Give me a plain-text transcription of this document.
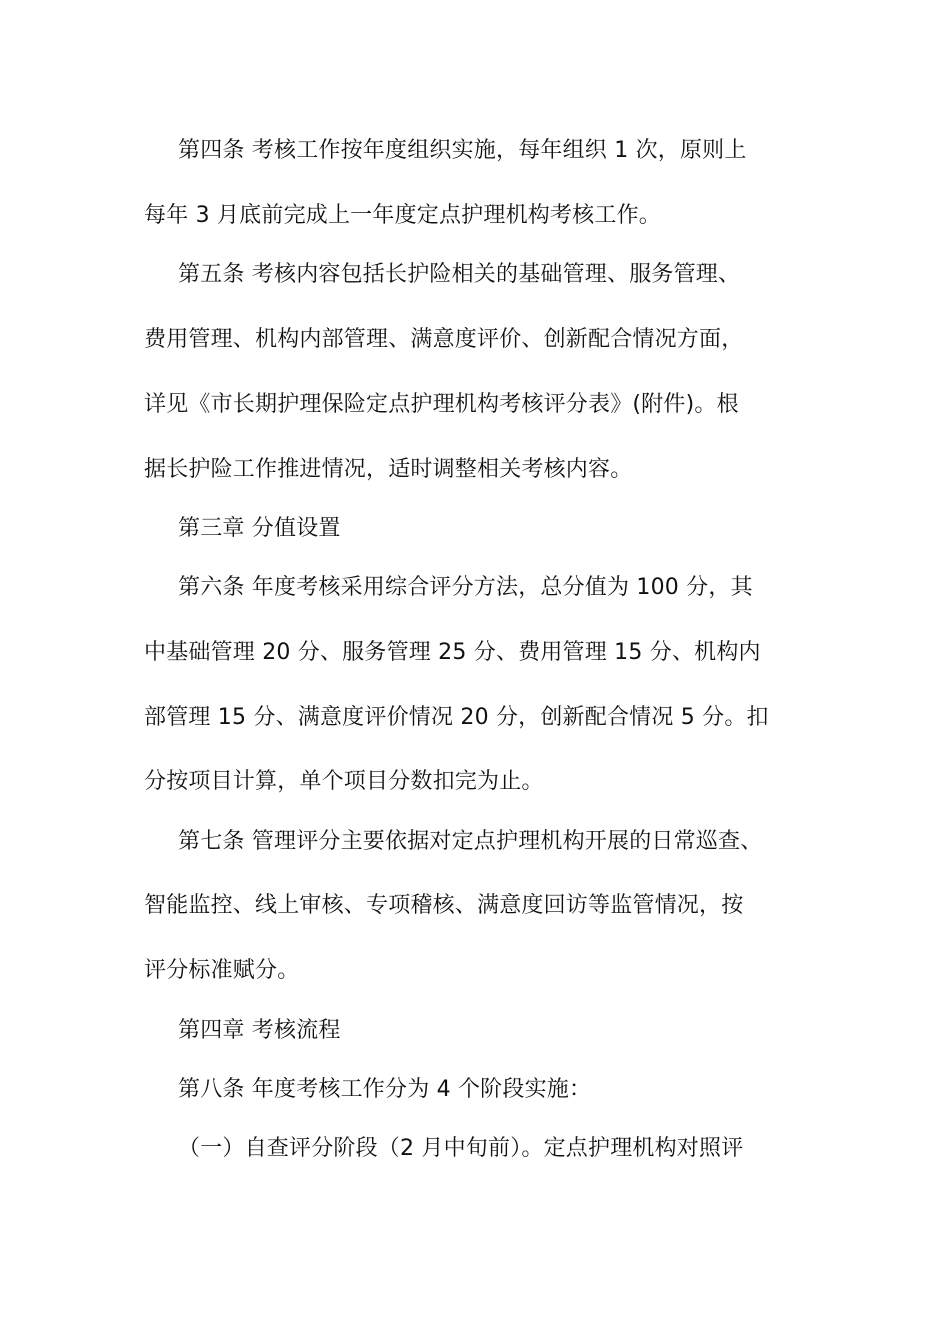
第四条 考核工作按年度组织实施，每年组织 1 次，原则上
每年 3 月底前完成上一年度定点护理机构考核工作。
第五条 考核内容包括长护险相关的基础管理、服务管理、
费用管理、机构内部管理、满意度评价、创新配合情况方面，
详见《市长期护理保险定点护理机构考核评分表》(附件)。根
据长护险工作推进情况，适时调整相关考核内容。
第三章 分值设置
第六条 年度考核采用综合评分方法，总分值为 100 分，其
中基础管理 20 分、服务管理 25 分、费用管理 15 分、机构内
部管理 15 分、满意度评价情况 20 分，创新配合情况 5 分。扣
分按项目计算，单个项目分数扣完为止。
第七条 管理评分主要依据对定点护理机构开展的日常巡查、
智能监控、线上审核、专项稽核、满意度回访等监管情况，按
评分标准赋分。
第四章 考核流程
第八条 年度考核工作分为 4 个阶段实施：
（一）自查评分阶段（2 月中旬前）。定点护理机构对照评
